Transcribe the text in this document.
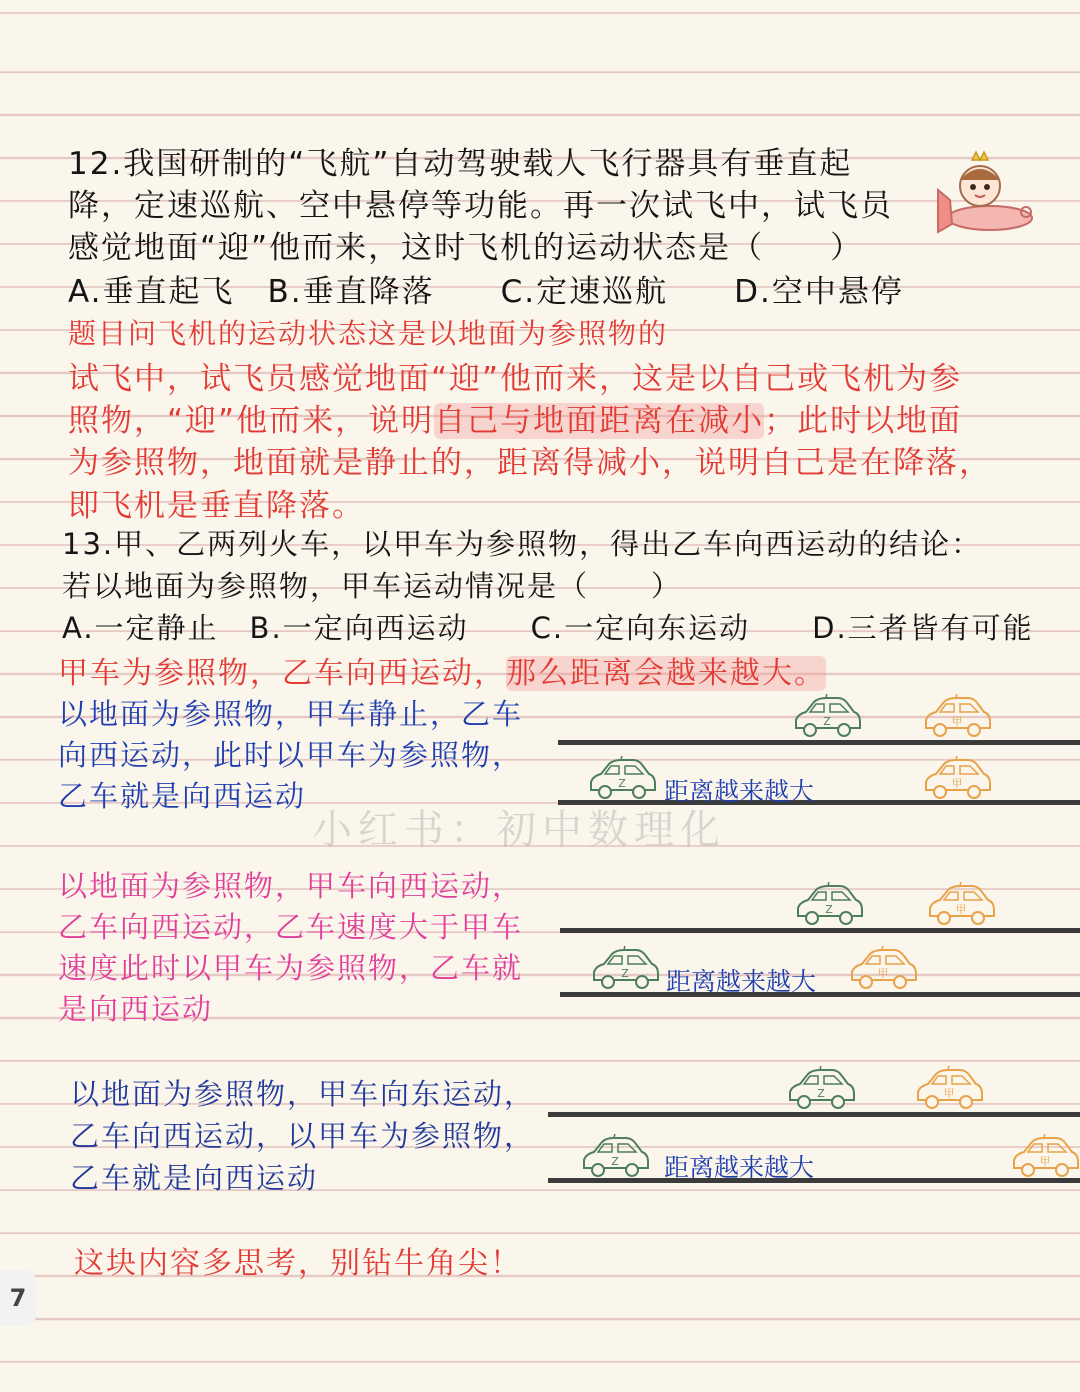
小红书：初中数理化
12.我国研制的“飞航”自动驾驶载人飞行器具有垂直起
降，定速巡航、空中悬停等功能。再一次试飞中，试飞员
感觉地面“迎”他而来，这时飞机的运动状态是（　　）
A.垂直起飞　B.垂直降落　　C.定速巡航　　D.空中悬停
题目问飞机的运动状态这是以地面为参照物的
试飞中，试飞员感觉地面“迎”他而来，这是以自己或飞机为参
照物，“迎”他而来，说明自己与地面距离在减小；此时以地面
为参照物，地面就是静止的，距离得减小，说明自己是在降落，
即飞机是垂直降落。
13.甲、乙两列火车，以甲车为参照物，得出乙车向西运动的结论：
若以地面为参照物，甲车运动情况是（　　）
A.一定静止　B.一定向西运动　　C.一定向东运动　　D.三者皆有可能
甲车为参照物，乙车向西运动，那么距离会越来越大。
以地面为参照物，甲车静止，乙车
向西运动，此时以甲车为参照物，
乙车就是向西运动	距离越来越大
以地面为参照物，甲车向西运动，
乙车向西运动，乙车速度大于甲车
速度此时以甲车为参照物，乙车就
是向西运动
距离越来越大
以地面为参照物，甲车向东运动，
乙车向西运动，以甲车为参照物，
乙车就是向西运动	距离越来越大
这块内容多思考，别钻牛角尖！
7
Z	甲
Z	甲
Z	甲
Z	甲
Z	甲
Z	甲
